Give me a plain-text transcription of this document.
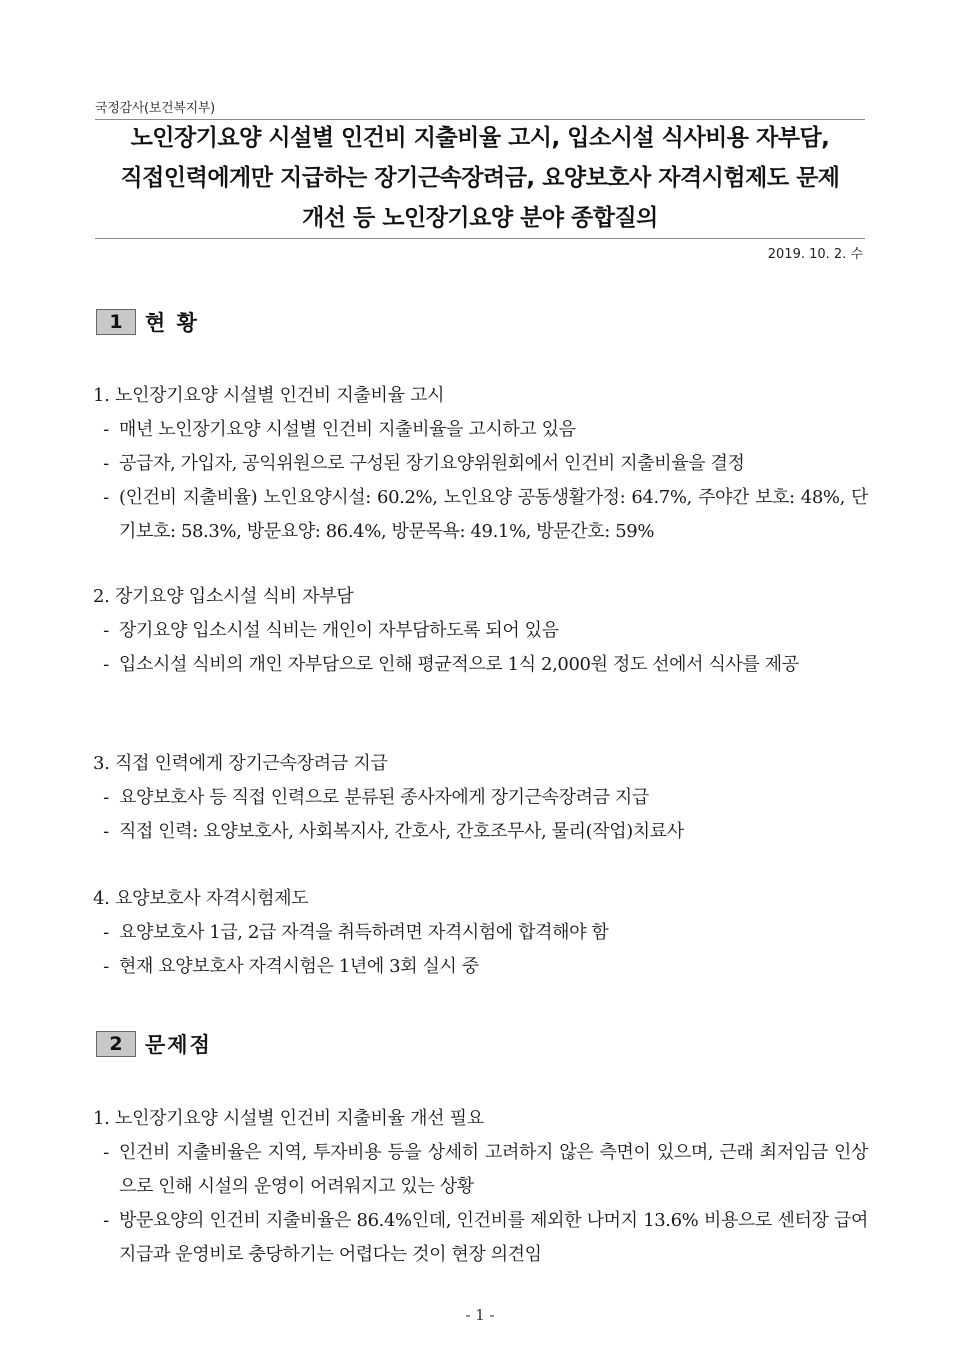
국정감사(보건복지부)
노인장기요양 시설별 인건비 지출비율 고시, 입소시설 식사비용 자부담,
직접인력에게만 지급하는 장기근속장려금, 요양보호사 자격시험제도 문제
개선 등 노인장기요양 분야 종합질의
2019. 10. 2. 수
1	현 황
1. 노인장기요양 시설별 인건비 지출비율 고시
- 매년 노인장기요양 시설별 인건비 지출비율을 고시하고 있음
- 공급자, 가입자, 공익위원으로 구성된 장기요양위원회에서 인건비 지출비율을 결정
- (인건비 지출비율) 노인요양시설: 60.2%, 노인요양 공동생활가정: 64.7%, 주야간 보호: 48%, 단기보호: 58.3%, 방문요양: 86.4%, 방문목욕: 49.1%, 방문간호: 59%
2. 장기요양 입소시설 식비 자부담
- 장기요양 입소시설 식비는 개인이 자부담하도록 되어 있음
- 입소시설 식비의 개인 자부담으로 인해 평균적으로 1식 2,000원 정도 선에서 식사를 제공
3. 직접 인력에게 장기근속장려금 지급
- 요양보호사 등 직접 인력으로 분류된 종사자에게 장기근속장려금 지급
- 직접 인력: 요양보호사, 사회복지사, 간호사, 간호조무사, 물리(작업)치료사
4. 요양보호사 자격시험제도
- 요양보호사 1급, 2급 자격을 취득하려면 자격시험에 합격해야 함
- 현재 요양보호사 자격시험은 1년에 3회 실시 중
2	문제점
1. 노인장기요양 시설별 인건비 지출비율 개선 필요
- 인건비 지출비율은 지역, 투자비용 등을 상세히 고려하지 않은 측면이 있으며, 근래 최저임금 인상으로 인해 시설의 운영이 어려워지고 있는 상황
- 방문요양의 인건비 지출비율은 86.4%인데, 인건비를 제외한 나머지 13.6% 비용으로 센터장 급여지급과 운영비로 충당하기는 어렵다는 것이 현장 의견임
- 1 -
